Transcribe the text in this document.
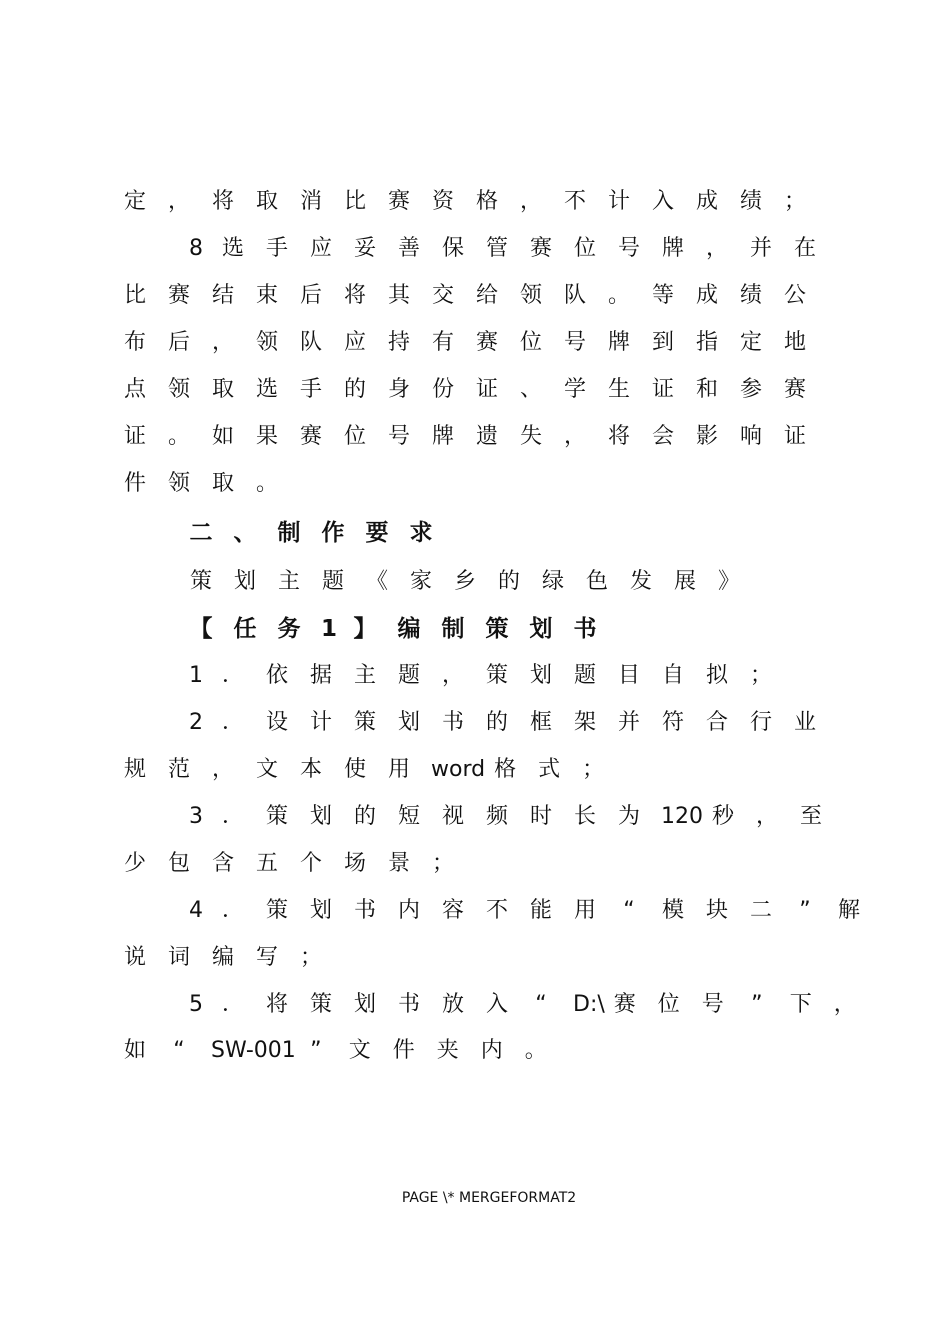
定 ， 将 取 消 比 赛 资 格 ， 不 计 入 成 绩 ；
8 选 手 应 妥 善 保 管 赛 位 号 牌 ， 并 在
比 赛 结 束 后 将 其 交 给 领 队 。 等 成 绩 公
布 后 ， 领 队 应 持 有 赛 位 号 牌 到 指 定 地
点 领 取 选 手 的 身 份 证 、 学 生 证 和 参 赛
证 。 如 果 赛 位 号 牌 遗 失 ， 将 会 影 响 证
件 领 取 。
二 、 制 作 要 求
策 划 主 题 《 家 乡 的 绿 色 发 展 》
【 任 务 1 】 编 制 策 划 书
1 ． 依 据 主 题 ， 策 划 题 目 自 拟 ；
2 ． 设 计 策 划 书 的 框 架 并 符 合 行 业
规 范 ， 文 本 使 用 word 格 式 ；
3 ． 策 划 的 短 视 频 时 长 为 120 秒 ， 至
少 包 含 五 个 场 景 ；
4 ． 策 划 书 内 容 不 能 用 “ 模 块 二 ” 解
说 词 编 写 ；
5 ． 将 策 划 书 放 入 “ D:\ 赛 位 号 ” 下 ，
如 “ SW-001 ” 文 件 夹 内 。
PAGE \* MERGEFORMAT2
